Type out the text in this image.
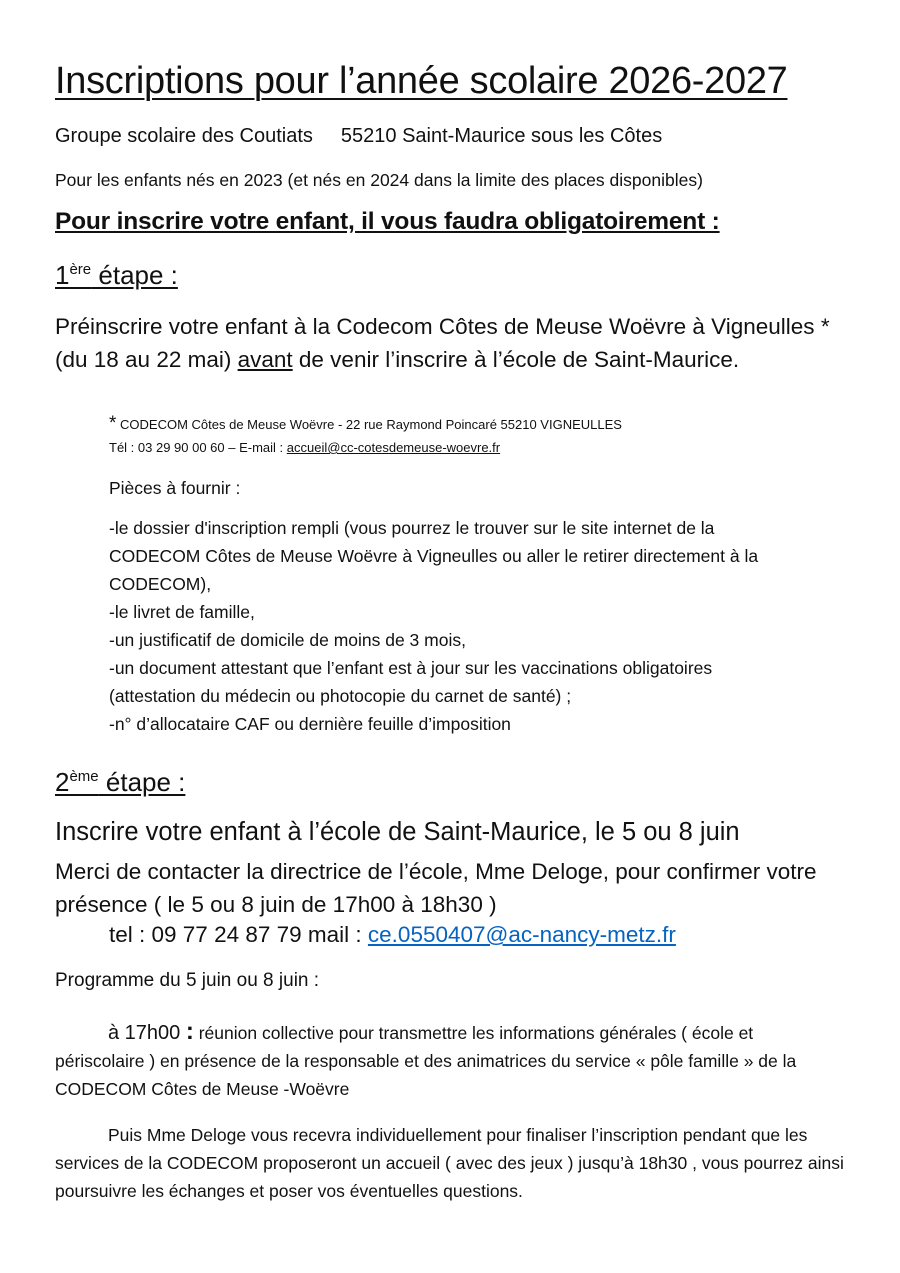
Inscriptions pour l’année scolaire 2026-2027
Groupe scolaire des Coutiats 55210 Saint-Maurice sous les Côtes
Pour les enfants nés en 2023 (et nés en 2024 dans la limite des places disponibles)
Pour inscrire votre enfant, il vous faudra obligatoirement :
1ère étape :
Préinscrire votre enfant à la Codecom Côtes de Meuse Woëvre à Vigneulles * (du 18 au 22 mai) avant de venir l’inscrire à l’école de Saint-Maurice.
* CODECOM Côtes de Meuse Woëvre - 22 rue Raymond Poincaré 55210 VIGNEULLES
Tél : 03 29 90 00 60 – E-mail : accueil@cc-cotesdemeuse-woevre.fr
Pièces à fournir :
-le dossier d'inscription rempli (vous pourrez le trouver sur le site internet de la
CODECOM Côtes de Meuse Woëvre à Vigneulles ou aller le retirer directement à la
CODECOM),
-le livret de famille,
-un justificatif de domicile de moins de 3 mois,
-un document attestant que l’enfant est à jour sur les vaccinations obligatoires
(attestation du médecin ou photocopie du carnet de santé) ;
-n° d’allocataire CAF ou dernière feuille d’imposition
2ème étape :
Inscrire votre enfant à l’école de Saint-Maurice, le 5 ou 8 juin
Merci de contacter la directrice de l’école, Mme Deloge, pour confirmer votre présence ( le 5 ou 8 juin de 17h00 à 18h30 )
tel : 09 77 24 87 79 mail : ce.0550407@ac-nancy-metz.fr
Programme du 5 juin ou 8 juin :
à 17h00 : réunion collective pour transmettre les informations générales ( école et périscolaire ) en présence de la responsable et des animatrices du service « pôle famille » de la CODECOM Côtes de Meuse -Woëvre
Puis Mme Deloge vous recevra individuellement pour finaliser l’inscription pendant que les services de la CODECOM proposeront un accueil ( avec des jeux ) jusqu’à 18h30 , vous pourrez ainsi poursuivre les échanges et poser vos éventuelles questions.
